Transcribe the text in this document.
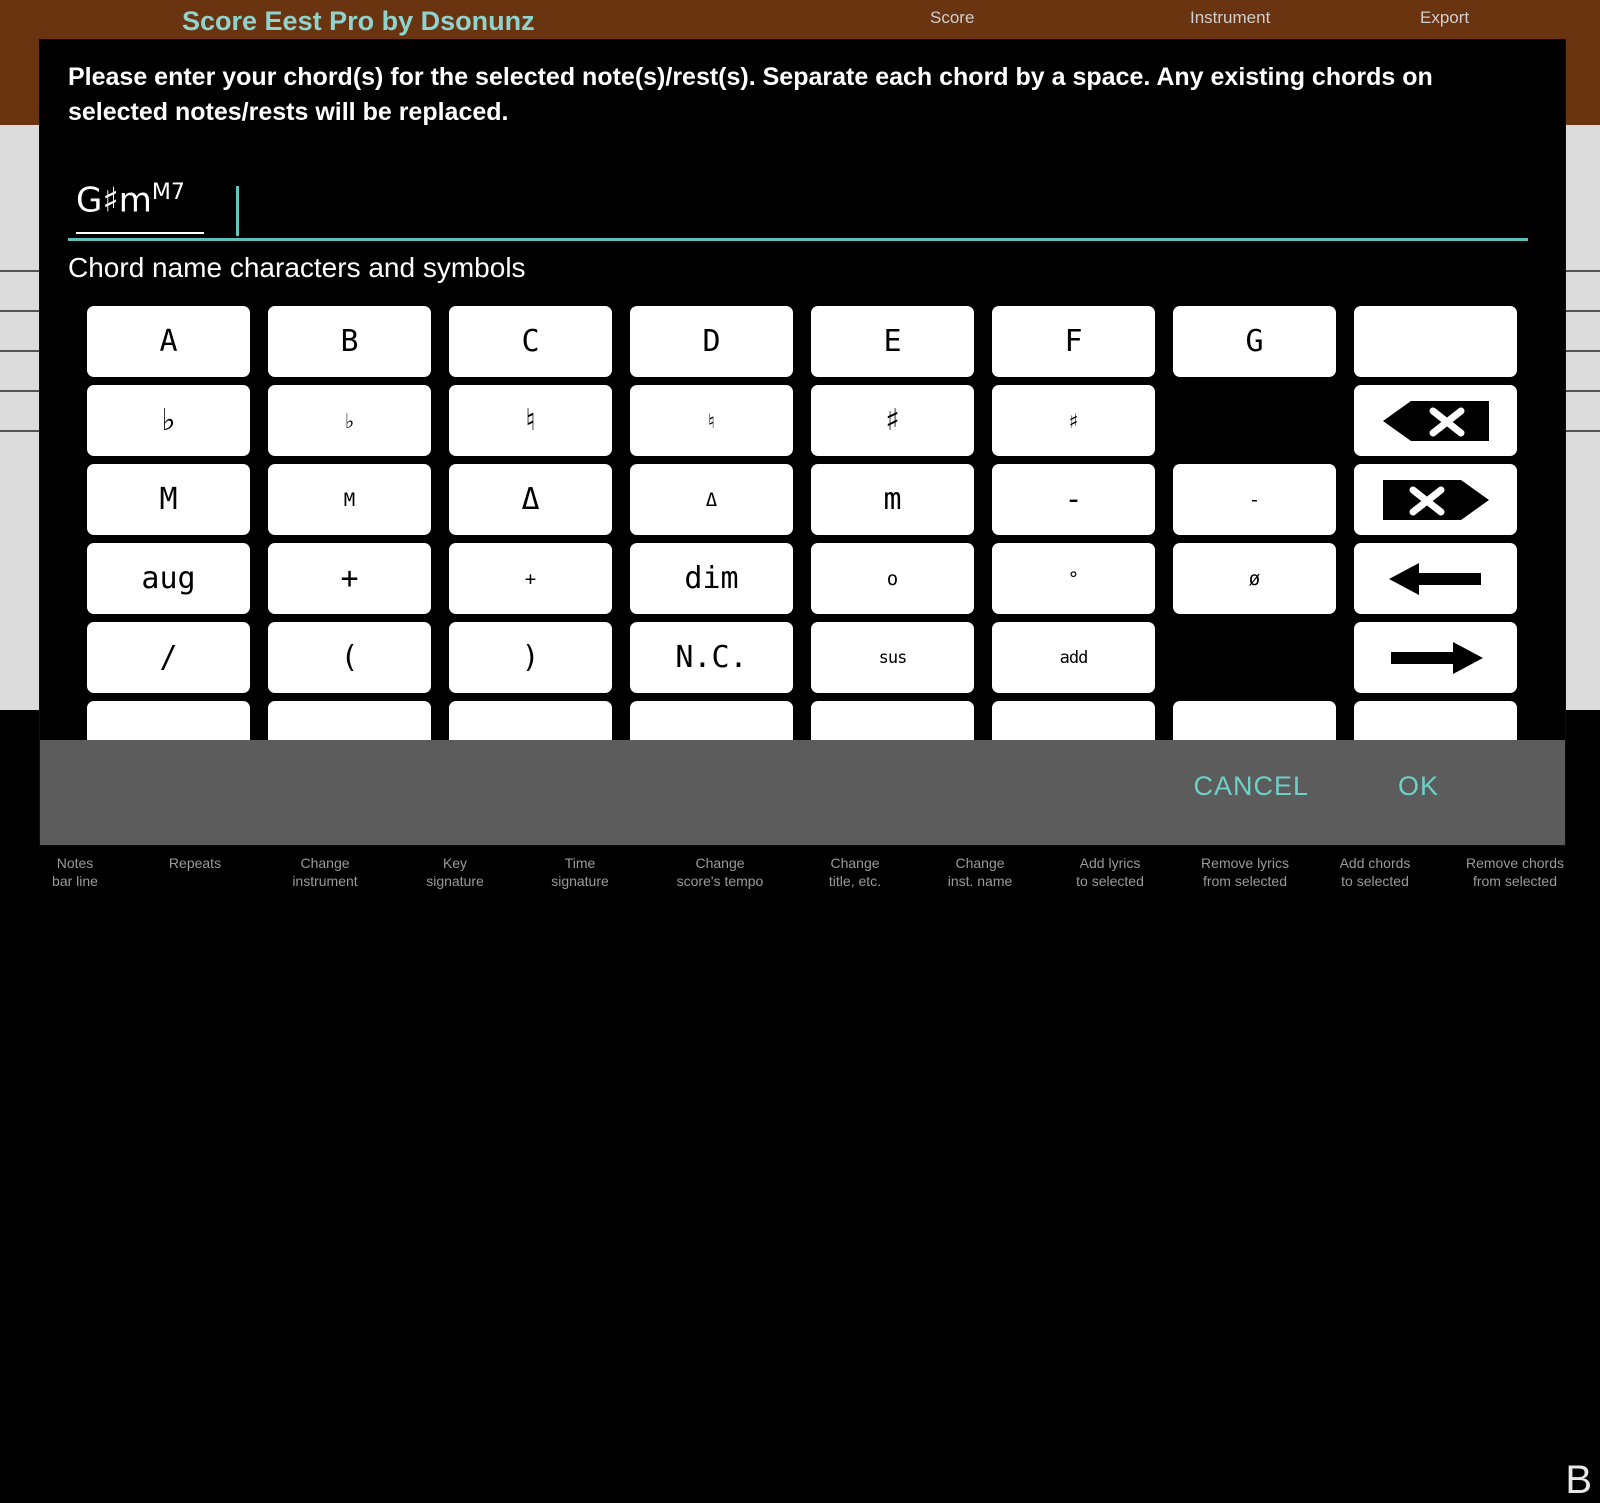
Score Eest Pro by Dsonunz	Score	Instrument	Export
B
Notes
bar line
Repeats	Change
instrument
Key
signature
Time
signature
Change
score's tempo
Change
title, etc.
Change
inst. name
Add lyrics
to selected
Remove lyrics
from selected
Add chords
to selected
Remove chords
from selected
Please enter your chord(s) for the selected note(s)/rest(s). Separate each chord by a space. Any existing chords on selected notes/rests will be replaced.
$G♯m^{M7}$
Chord name characters and symbols
A	B	C	D	E	F	G
♭	♭	♮	♮	♯	♯
M	M	Δ	Δ	m	-	-
aug	+	+	dim	o	°	ø
/	(	)	N.C.	sus	add
CANCEL	OK
